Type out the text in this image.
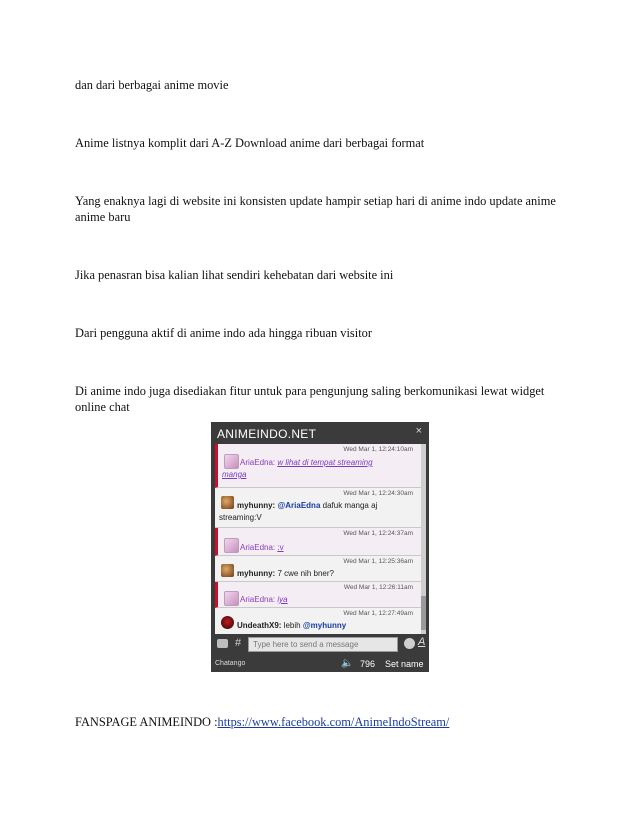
dan dari berbagai anime movie

Anime listnya komplit dari A-Z Download anime dari berbagai format

Yang enaknya lagi di website ini konsisten update hampir setiap hari di anime indo update anime anime baru

Jika penasran bisa kalian lihat sendiri kehebatan dari website ini

Dari pengguna aktif di anime indo ada hingga ribuan visitor

Di anime indo juga disediakan fitur untuk para pengunjung saling berkomunikasi lewat widget online chat

ANIMEINDO.NET	×
Wed Mar 1, 12:24:10am
AriaEdna: w lihat di tempat streaming
manga
Wed Mar 1, 12:24:30am
myhunny: @AriaEdna dafuk manga aj
streaming:V
Wed Mar 1, 12:24:37am
AriaEdna: :v
Wed Mar 1, 12:25:36am
myhunny: 7 cwe nih bner?
Wed Mar 1, 12:26:11am
AriaEdna: iya
Wed Mar 1, 12:27:49am
UndeathX9: lebih @myhunny
#	Type here to send a message	A
Chatango	🔈 796 Set name

FANSPAGE ANIMEINDO :https://www.facebook.com/AnimeIndoStream/
